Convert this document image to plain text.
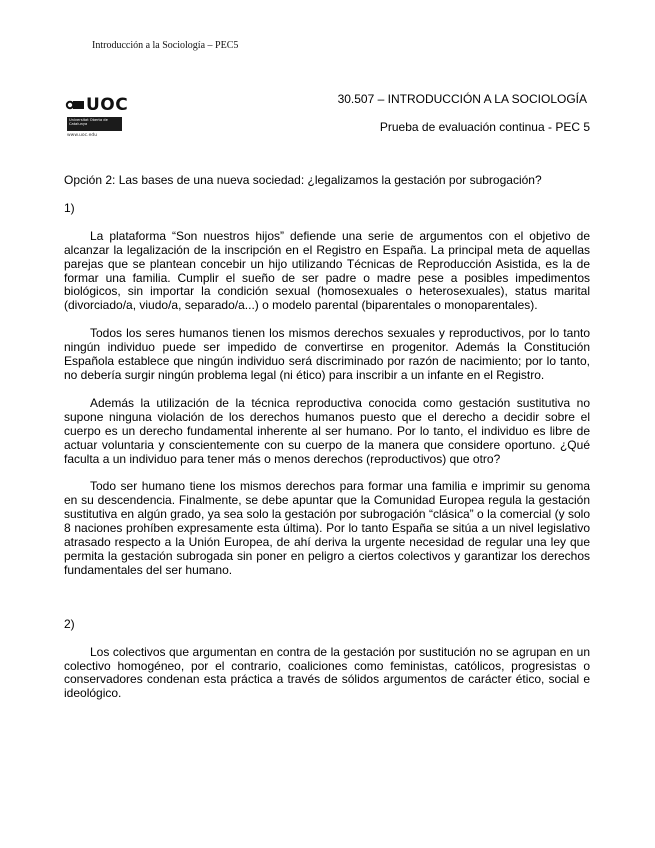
Introducción a la Sociología – PEC5
UOC
Universitat Oberta de Catalunya
www.uoc.edu
30.507 – INTRODUCCIÓN A LA SOCIOLOGÍA
Prueba de evaluación continua - PEC 5

Opción 2: Las bases de una nueva sociedad: ¿legalizamos la gestación por subrogación?

1)

La plataforma “Son nuestros hijos” defiende una serie de argumentos con el objetivo de alcanzar la legalización de la inscripción en el Registro en España. La principal meta de aquellas parejas que se plantean concebir un hijo utilizando Técnicas de Reproducción Asistida, es la de formar una familia. Cumplir el sueño de ser padre o madre pese a posibles impedimentos biológicos, sin importar la condición sexual (homosexuales o heterosexuales), status marital (divorciado/a, viudo/a, separado/a...) o modelo parental (biparentales o monoparentales).

Todos los seres humanos tienen los mismos derechos sexuales y reproductivos, por lo tanto ningún individuo puede ser impedido de convertirse en progenitor. Además la Constitución Española establece que ningún individuo será discriminado por razón de nacimiento; por lo tanto, no debería surgir ningún problema legal (ni ético) para inscribir a un infante en el Registro.

Además la utilización de la técnica reproductiva conocida como gestación sustitutiva no supone ninguna violación de los derechos humanos puesto que el derecho a decidir sobre el cuerpo es un derecho fundamental inherente al ser humano. Por lo tanto, el individuo es libre de actuar voluntaria y conscientemente con su cuerpo de la manera que considere oportuno. ¿Qué faculta a un individuo para tener más o menos derechos (reproductivos) que otro?

Todo ser humano tiene los mismos derechos para formar una familia e imprimir su genoma en su descendencia. Finalmente, se debe apuntar que la Comunidad Europea regula la gestación sustitutiva en algún grado, ya sea solo la gestación por subrogación “clásica” o la comercial (y solo 8 naciones prohíben expresamente esta última). Por lo tanto España se sitúa a un nivel legislativo atrasado respecto a la Unión Europea, de ahí deriva la urgente necesidad de regular una ley que permita la gestación subrogada sin poner en peligro a ciertos colectivos y garantizar los derechos fundamentales del ser humano.

2)

Los colectivos que argumentan en contra de la gestación por sustitución no se agrupan en un colectivo homogéneo, por el contrario, coaliciones como feministas, católicos, progresistas o conservadores condenan esta práctica a través de sólidos argumentos de carácter ético, social e ideológico.
